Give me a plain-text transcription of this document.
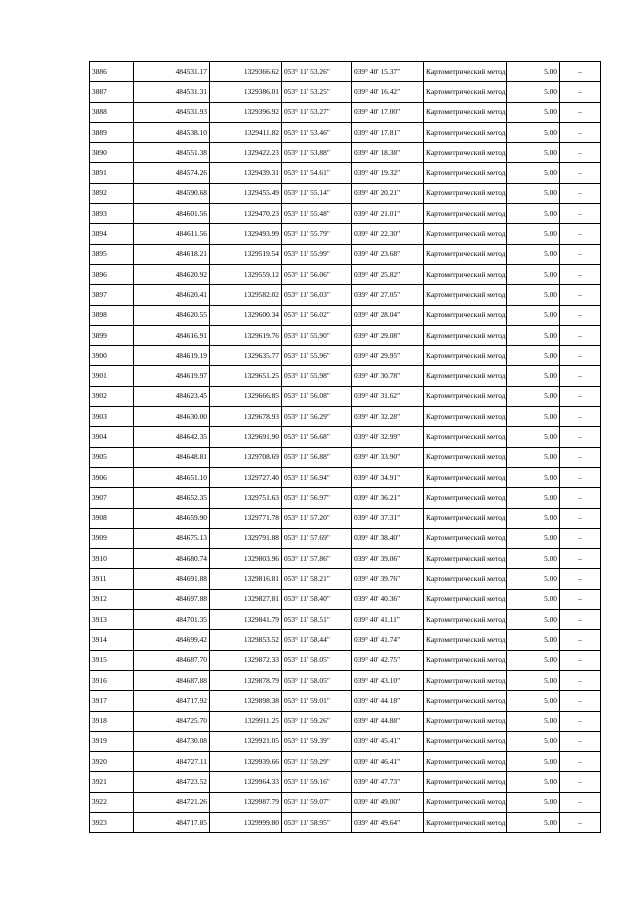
3886	484531.17	1329366.62	053° 11' 53.26"	039° 40' 15.37"	Картометрический метод	5.00	–
3887	484531.31	1329386.01	053° 11' 53.25"	039° 40' 16.42"	Картометрический метод	5.00	–
3888	484531.93	1329396.92	053° 11' 53.27"	039° 40' 17.00"	Картометрический метод	5.00	–
3889	484538.10	1329411.82	053° 11' 53.46"	039° 40' 17.81"	Картометрический метод	5.00	–
3890	484551.38	1329422.23	053° 11' 53.88"	039° 40' 18.38"	Картометрический метод	5.00	–
3891	484574.26	1329439.31	053° 11' 54.61"	039° 40' 19.32"	Картометрический метод	5.00	–
3892	484590.68	1329455.49	053° 11' 55.14"	039° 40' 20.21"	Картометрический метод	5.00	–
3893	484601.56	1329470.23	053° 11' 55.48"	039° 40' 21.01"	Картометрический метод	5.00	–
3894	484611.56	1329493.99	053° 11' 55.79"	039° 40' 22.30"	Картометрический метод	5.00	–
3895	484618.21	1329519.54	053° 11' 55.99"	039° 40' 23.68"	Картометрический метод	5.00	–
3896	484620.92	1329559.12	053° 11' 56.06"	039° 40' 25.82"	Картометрический метод	5.00	–
3897	484620.41	1329582.02	053° 11' 56.03"	039° 40' 27.05"	Картометрический метод	5.00	–
3898	484620.55	1329600.34	053° 11' 56.02"	039° 40' 28.04"	Картометрический метод	5.00	–
3899	484616.91	1329619.76	053° 11' 55.90"	039° 40' 29.08"	Картометрический метод	5.00	–
3900	484619.19	1329635.77	053° 11' 55.96"	039° 40' 29.95"	Картометрический метод	5.00	–
3901	484619.97	1329651.25	053° 11' 55.98"	039° 40' 30.78"	Картометрический метод	5.00	–
3902	484623.45	1329666.85	053° 11' 56.08"	039° 40' 31.62"	Картометрический метод	5.00	–
3903	484630.00	1329678.93	053° 11' 56.29"	039° 40' 32.28"	Картометрический метод	5.00	–
3904	484642.35	1329691.90	053° 11' 56.68"	039° 40' 32.99"	Картометрический метод	5.00	–
3905	484648.81	1329708.69	053° 11' 56.88"	039° 40' 33.90"	Картометрический метод	5.00	–
3906	484651.10	1329727.40	053° 11' 56.94"	039° 40' 34.91"	Картометрический метод	5.00	–
3907	484652.35	1329751.63	053° 11' 56.97"	039° 40' 36.21"	Картометрический метод	5.00	–
3908	484659.90	1329771.78	053° 11' 57.20"	039° 40' 37.31"	Картометрический метод	5.00	–
3909	484675.13	1329791.88	053° 11' 57.69"	039° 40' 38.40"	Картометрический метод	5.00	–
3910	484680.74	1329803.96	053° 11' 57.86"	039° 40' 39.06"	Картометрический метод	5.00	–
3911	484691.88	1329816.81	053° 11' 58.21"	039° 40' 39.76"	Картометрический метод	5.00	–
3912	484697.88	1329827.81	053° 11' 58.40"	039° 40' 40.36"	Картометрический метод	5.00	–
3913	484701.35	1329841.79	053° 11' 58.51"	039° 40' 41.11"	Картометрический метод	5.00	–
3914	484699.42	1329853.52	053° 11' 58.44"	039° 40' 41.74"	Картометрический метод	5.00	–
3915	484687.70	1329872.33	053° 11' 58.05"	039° 40' 42.75"	Картометрический метод	5.00	–
3916	484687.88	1329878.79	053° 11' 58.05"	039° 40' 43.10"	Картометрический метод	5.00	–
3917	484717.92	1329898.38	053° 11' 59.01"	039° 40' 44.18"	Картометрический метод	5.00	–
3918	484725.70	1329911.25	053° 11' 59.26"	039° 40' 44.88"	Картометрический метод	5.00	–
3919	484730.08	1329921.05	053° 11' 59.39"	039° 40' 45.41"	Картометрический метод	5.00	–
3920	484727.11	1329939.66	053° 11' 59.29"	039° 40' 46.41"	Картометрический метод	5.00	–
3921	484723.52	1329964.33	053° 11' 59.16"	039° 40' 47.73"	Картометрический метод	5.00	–
3922	484721.26	1329987.79	053° 11' 59.07"	039° 40' 49.00"	Картометрический метод	5.00	–
3923	484717.85	1329999.80	053° 11' 58.95"	039° 40' 49.64"	Картометрический метод	5.00	–
